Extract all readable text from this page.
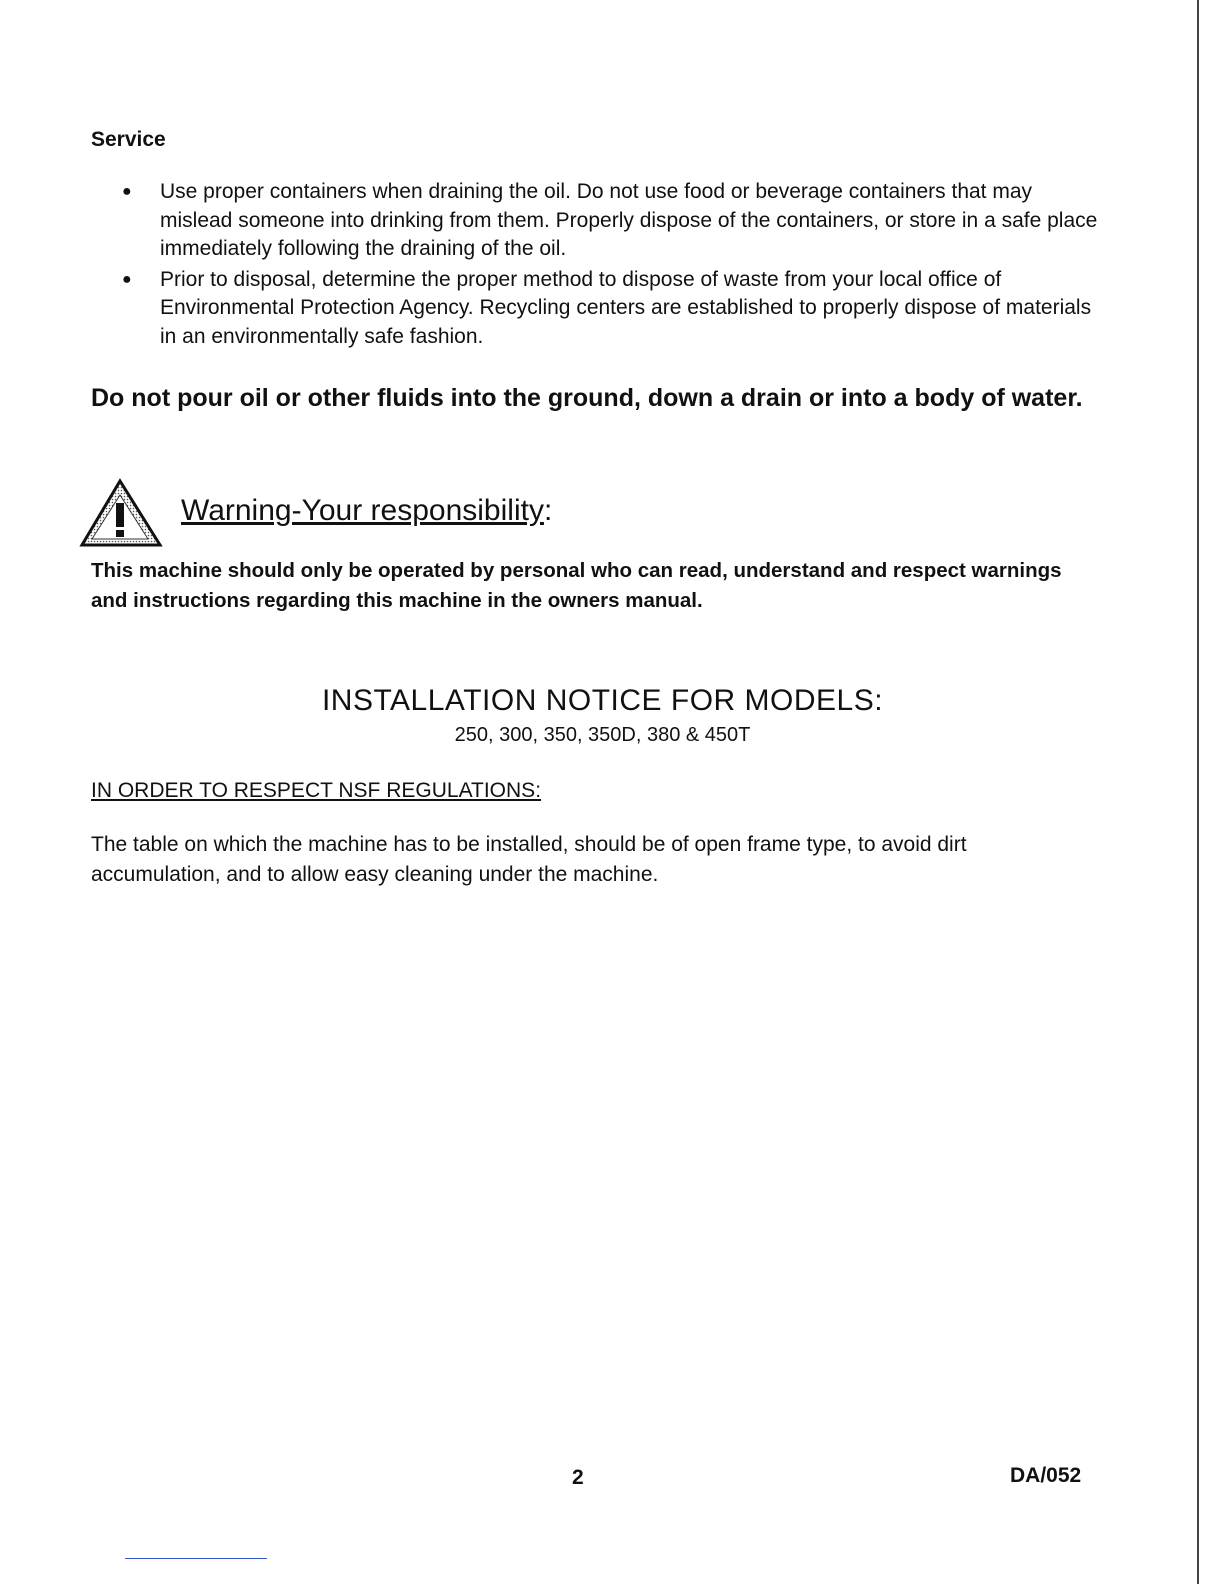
Service
● Use proper containers when draining the oil. Do not use food or beverage containers that may mislead someone into drinking from them. Properly dispose of the containers, or store in a safe place immediately following the draining of the oil.
● Prior to disposal, determine the proper method to dispose of waste from your local office of Environmental Protection Agency. Recycling centers are established to properly dispose of materials in an environmentally safe fashion.
Do not pour oil or other fluids into the ground, down a drain or into a body of water.
Warning-Your responsibility:
This machine should only be operated by personal who can read, understand and respect warnings and instructions regarding this machine in the owners manual.
INSTALLATION NOTICE FOR MODELS:
250, 300, 350, 350D, 380 & 450T
IN ORDER TO RESPECT NSF REGULATIONS:
The table on which the machine has to be installed, should be of open frame type, to avoid dirt accumulation, and to allow easy cleaning under the machine.
2	DA/052
